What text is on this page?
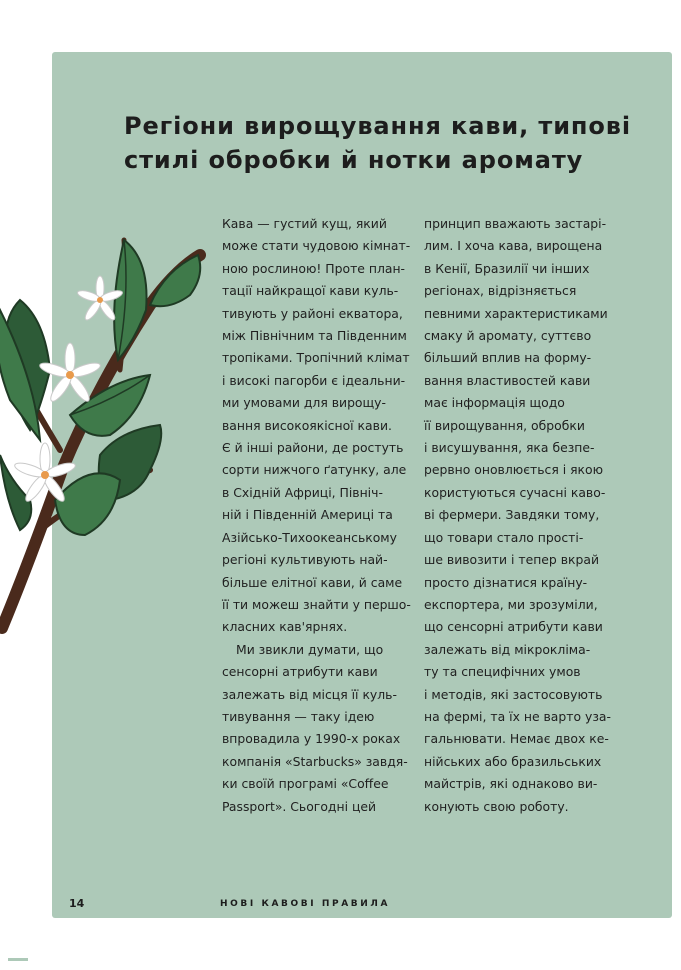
Регіони вирощування кави, типові
стилі обробки й нотки аромату

Кава — густий кущ, який
може стати чудовою кімнат-
ною рослиною! Проте план-
тації найкращої кави куль-
тивують у районі екватора,
між Північним та Південним
тропіками. Тропічний клімат
і високі пагорби є ідеальни-
ми умовами для вирощу-
вання високоякісної кави.
Є й інші райони, де ростуть
сорти нижчого ґатунку, але
в Східній Африці, Північ-
ній і Південній Америці та
Азійсько-Тихоокеанському
регіоні культивують най-
більше елітної кави, й саме
її ти можеш знайти у першо-
класних кав'ярнях.

Ми звикли думати, що
сенсорні атрибути кави
залежать від місця її куль-
тивування — таку ідею
впровадила у 1990-х роках
компанія «Starbucks» завдя-
ки своїй програмі «Coffee
Passport». Сьогодні цей

принцип вважають застарі-
лим. І хоча кава, вирощена
в Кенії, Бразилії чи інших
регіонах, відрізняється
певними характеристиками
смаку й аромату, суттєво
більший вплив на форму-
вання властивостей кави
має інформація щодо
її вирощування, обробки
і висушування, яка безпе-
рервно оновлюється і якою
користуються сучасні каво-
ві фермери. Завдяки тому,
що товари стало прості-
ше вивозити і тепер вкрай
просто дізнатися країну-
експортера, ми зрозуміли,
що сенсорні атрибути кави
залежать від мікрокліма-
ту та специфічних умов
і методів, які застосовують
на фермі, та їх не варто уза-
гальнювати. Немає двох ке-
нійських або бразильських
майстрів, які однаково ви-
конують свою роботу.

14	НОВІ КАВОВІ ПРАВИЛА
